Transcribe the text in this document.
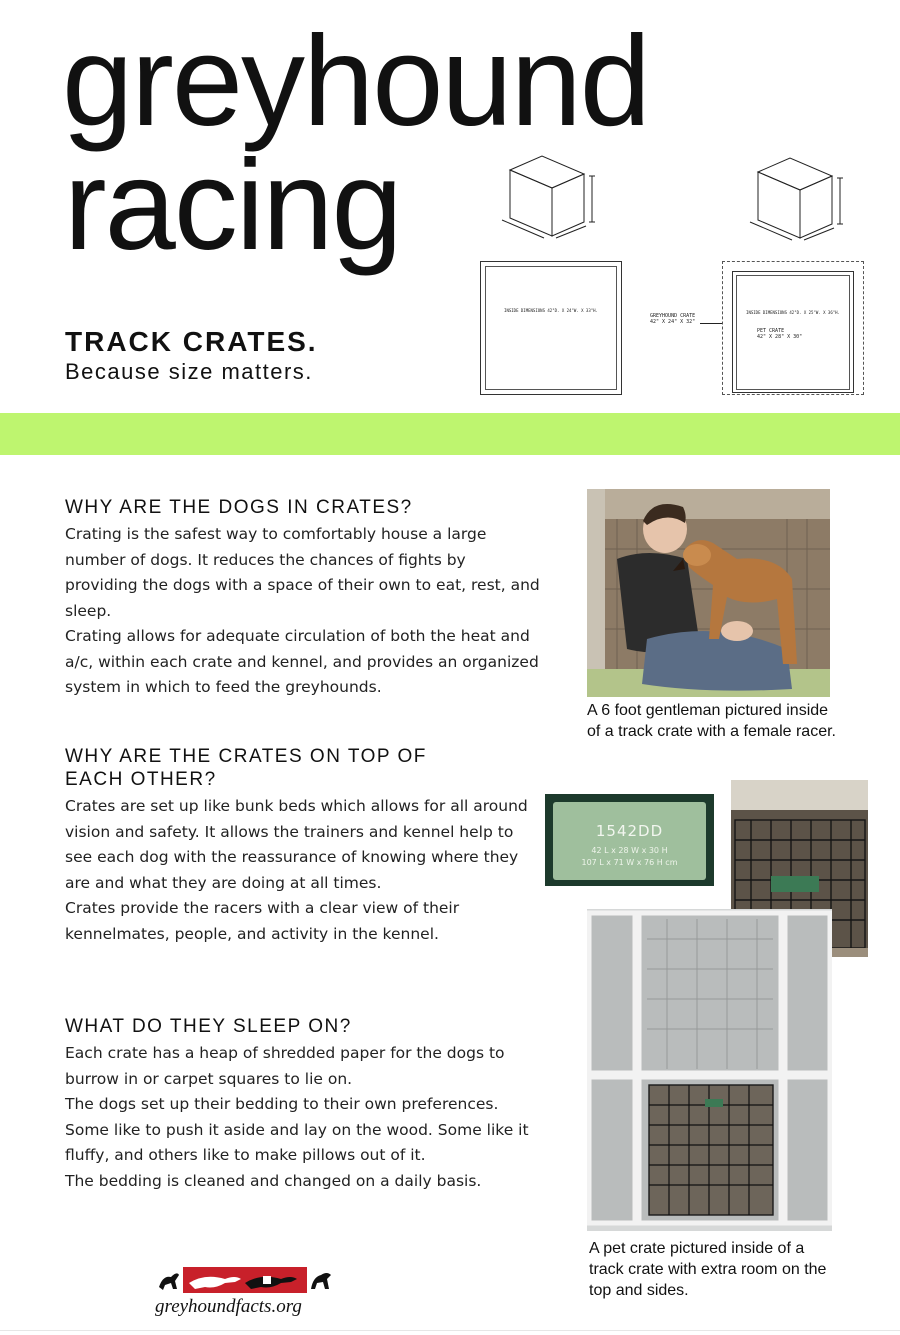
greyhound
racing
TRACK CRATES.
Because size matters.
INSIDE DIMENSIONS 42"D. X 24"W. X 33"H.
GREYHOUND CRATE
42" X 24" X 32"
INSIDE DIMENSIONS 42"D. X 25"W. X 36"H.
PET CRATE
42" X 28" X 30"
WHY ARE THE DOGS IN CRATES?

Crating is the safest way to comfortably house a large number of dogs. It reduces the chances of fights by providing the dogs with a space of their own to eat, rest, and sleep.

Crating allows for adequate circulation of both the heat and a/c, within each crate and kennel, and provides an organized system in which to feed the greyhounds.

WHY ARE THE CRATES ON TOP OF EACH OTHER?

Crates are set up like bunk beds which allows for all around vision and safety. It allows the trainers and kennel help to see each dog with the reassurance of knowing where they are and what they are doing at all times.

Crates provide the racers with a clear view of their kennelmates, people, and activity in the kennel.

WHAT DO THEY SLEEP ON?

Each crate has a heap of shredded paper for the dogs to burrow in or carpet squares to lie on.

The dogs set up their bedding to their own preferences. Some like to push it aside and lay on the wood. Some like it fluffy, and others like to make pillows out of it.

The bedding is cleaned and changed on a daily basis.

A 6 foot gentleman pictured inside of a track crate with a female racer.
1542DD
42 L x 28 W x 30 H
107 L x 71 W x 76 H cm
A pet crate pictured inside of a track crate with extra room on the top and sides.
greyhoundfacts.org
